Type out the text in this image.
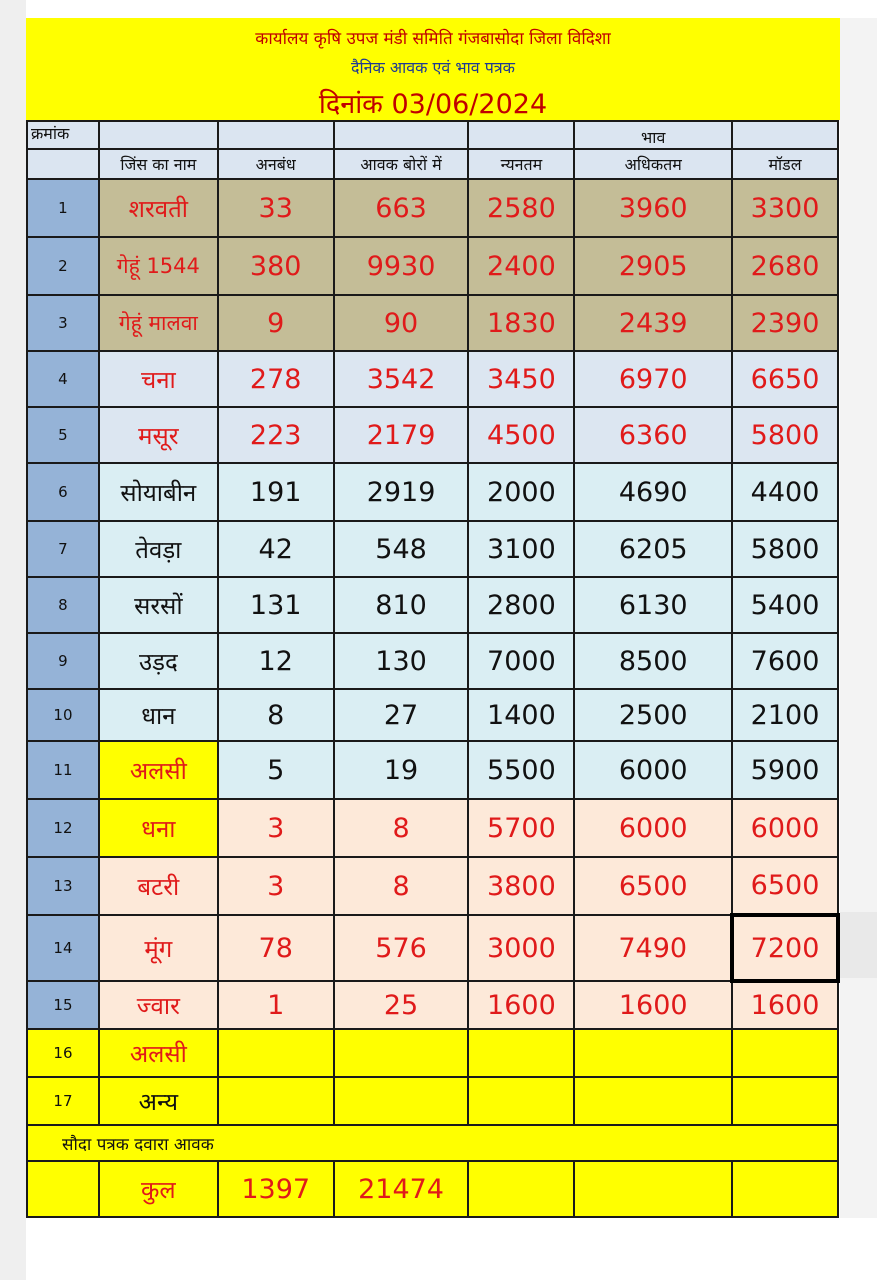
कार्यालय कृषि उपज मंडी समिति गंजबासोदा जिला विदिशा
दैनिक आवक एवं भाव पत्रक
दिनांक 03/06/2024
क्रमांक					भाव	
	जिंस का नाम	अनबंध	आवक बोरों में	न्यनतम	अधिकतम	मॉडल
1	शरवती	33	663	2580	3960	3300
2	गेहूं 1544	380	9930	2400	2905	2680
3	गेहूं मालवा	9	90	1830	2439	2390
4	चना	278	3542	3450	6970	6650
5	मसूर	223	2179	4500	6360	5800
6	सोयाबीन	191	2919	2000	4690	4400
7	तेवड़ा	42	548	3100	6205	5800
8	सरसों	131	810	2800	6130	5400
9	उड़द	12	130	7000	8500	7600
10	धान	8	27	1400	2500	2100
11	अलसी	5	19	5500	6000	5900
12	धना	3	8	5700	6000	6000
13	बटरी	3	8	3800	6500	6500
14	मूंग	78	576	3000	7490	7200
15	ज्वार	1	25	1600	1600	1600
16	अलसी					
17	अन्य					
सौदा पत्रक दवारा आवक						
	कुल	1397	21474			
